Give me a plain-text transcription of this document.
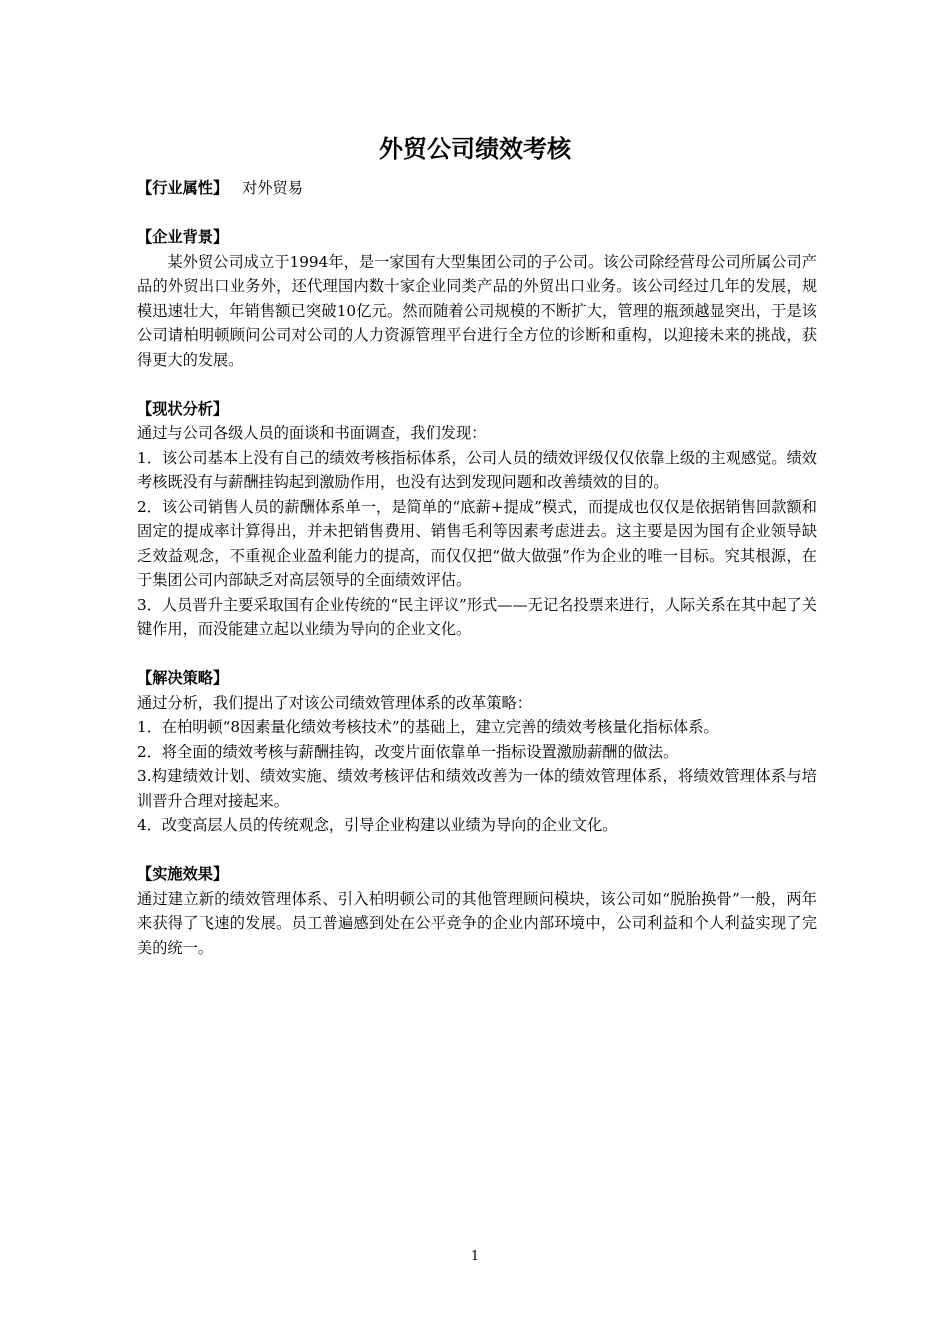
外贸公司绩效考核

【行业属性】 对外贸易

【企业背景】

某外贸公司成立于1994年，是一家国有大型集团公司的子公司。该公司除经营母公司所属公司产品的外贸出口业务外，还代理国内数十家企业同类产品的外贸出口业务。该公司经过几年的发展，规模迅速壮大，年销售额已突破10亿元。然而随着公司规模的不断扩大，管理的瓶颈越显突出，于是该公司请柏明顿顾问公司对公司的人力资源管理平台进行全方位的诊断和重构，以迎接未来的挑战，获得更大的发展。

【现状分析】

通过与公司各级人员的面谈和书面调查，我们发现：

1．该公司基本上没有自己的绩效考核指标体系，公司人员的绩效评级仅仅依靠上级的主观感觉。绩效考核既没有与薪酬挂钩起到激励作用，也没有达到发现问题和改善绩效的目的。

2．该公司销售人员的薪酬体系单一，是简单的“底薪+提成”模式，而提成也仅仅是依据销售回款额和固定的提成率计算得出，并未把销售费用、销售毛利等因素考虑进去。这主要是因为国有企业领导缺乏效益观念，不重视企业盈利能力的提高，而仅仅把“做大做强”作为企业的唯一目标。究其根源，在于集团公司内部缺乏对高层领导的全面绩效评估。

3．人员晋升主要采取国有企业传统的“民主评议”形式——无记名投票来进行，人际关系在其中起了关键作用，而没能建立起以业绩为导向的企业文化。

【解决策略】

通过分析，我们提出了对该公司绩效管理体系的改革策略：

1．在柏明顿“8因素量化绩效考核技术”的基础上，建立完善的绩效考核量化指标体系。

2．将全面的绩效考核与薪酬挂钩，改变片面依靠单一指标设置激励薪酬的做法。

3.构建绩效计划、绩效实施、绩效考核评估和绩效改善为一体的绩效管理体系，将绩效管理体系与培训晋升合理对接起来。

4．改变高层人员的传统观念，引导企业构建以业绩为导向的企业文化。

【实施效果】

通过建立新的绩效管理体系、引入柏明顿公司的其他管理顾问模块，该公司如“脱胎换骨”一般，两年来获得了飞速的发展。员工普遍感到处在公平竞争的企业内部环境中，公司利益和个人利益实现了完美的统一。

1
